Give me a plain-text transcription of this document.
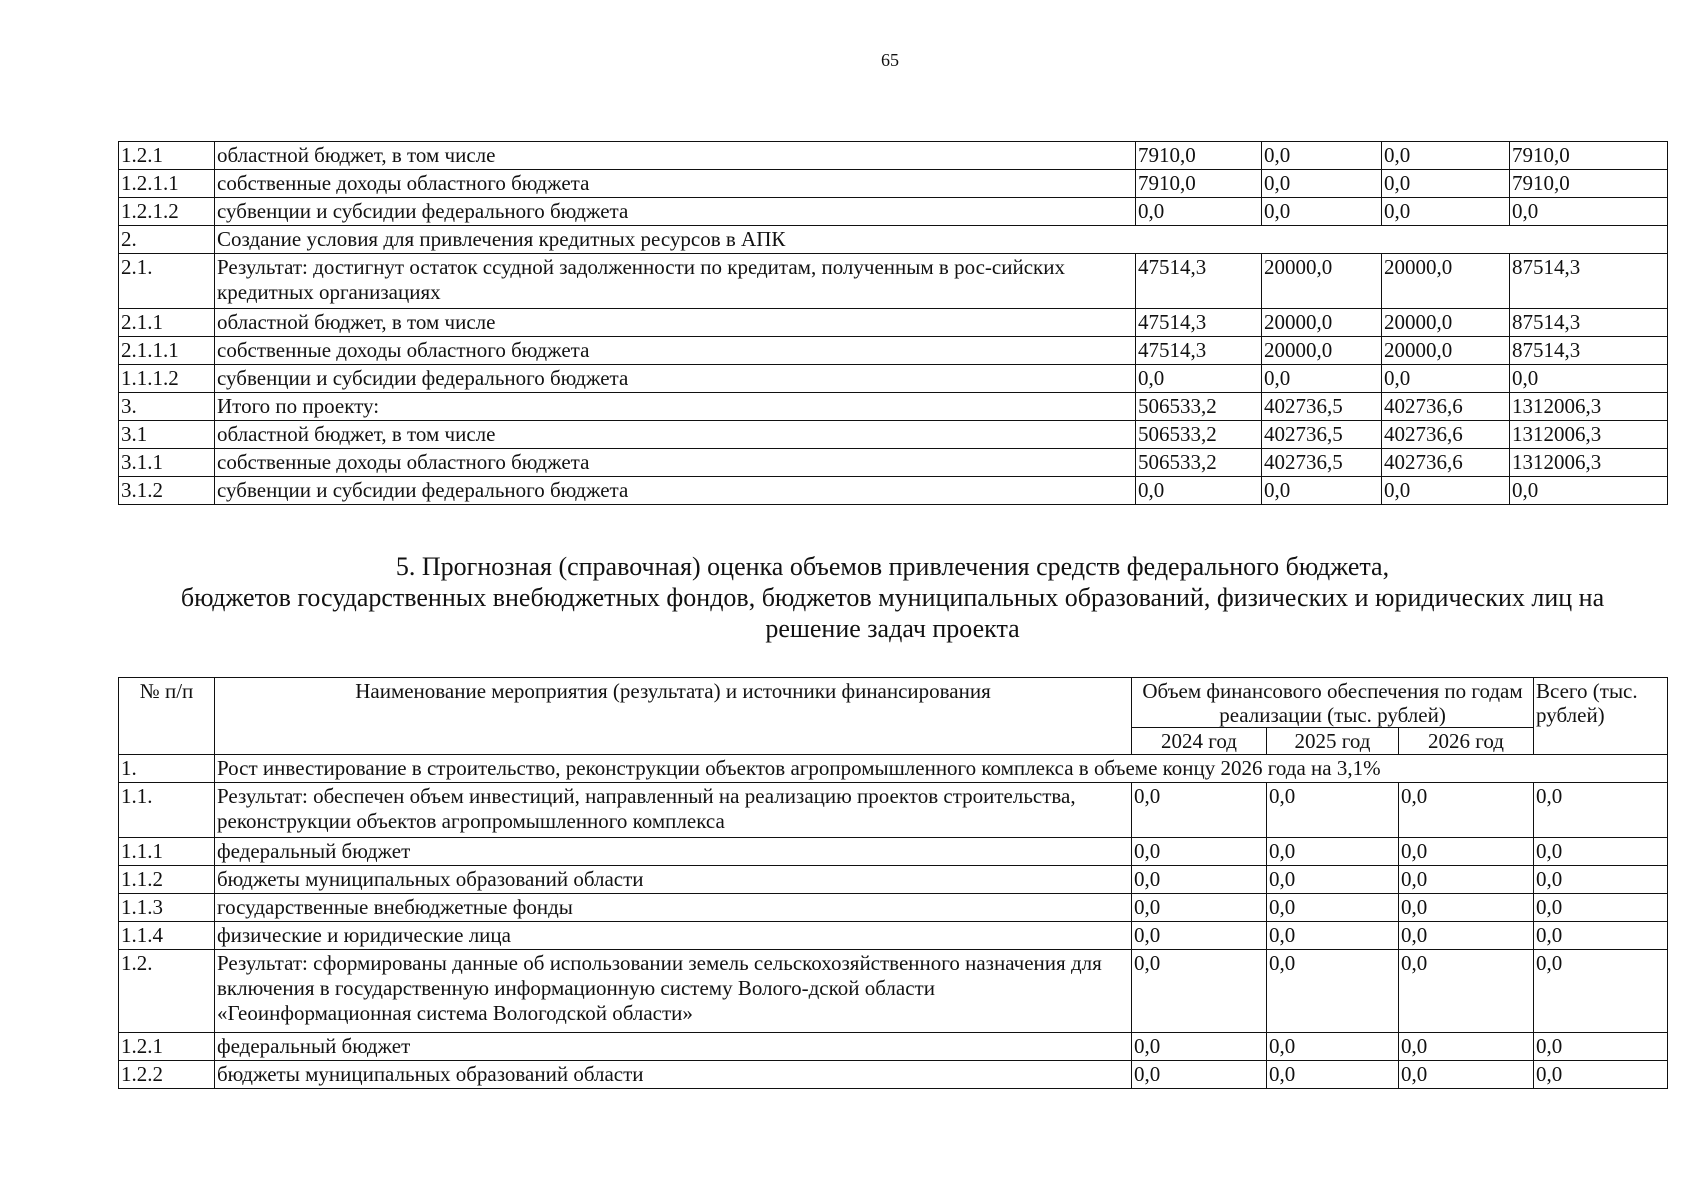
65
1.2.1	областной бюджет, в том числе	7910,0	0,0	0,0	7910,0
1.2.1.1	собственные доходы областного бюджета	7910,0	0,0	0,0	7910,0
1.2.1.2	субвенции и субсидии федерального бюджета	0,0	0,0	0,0	0,0
2.	Создание условия для привлечения кредитных ресурсов в АПК				
2.1.	Результат: достигнут остаток ссудной задолженности по кредитам, полученным в рос-сийских кредитных организациях	47514,3	20000,0	20000,0	87514,3
2.1.1	областной бюджет, в том числе	47514,3	20000,0	20000,0	87514,3
2.1.1.1	собственные доходы областного бюджета	47514,3	20000,0	20000,0	87514,3
1.1.1.2	субвенции и субсидии федерального бюджета	0,0	0,0	0,0	0,0
3.	Итого по проекту:	506533,2	402736,5	402736,6	1312006,3
3.1	областной бюджет, в том числе	506533,2	402736,5	402736,6	1312006,3
3.1.1	собственные доходы областного бюджета	506533,2	402736,5	402736,6	1312006,3
3.1.2	субвенции и субсидии федерального бюджета	0,0	0,0	0,0	0,0
5. Прогнозная (справочная) оценка объемов привлечения средств федерального бюджета,
бюджетов государственных внебюджетных фондов, бюджетов муниципальных образований, физических и юридических лиц на
решение задач проекта
№ п/п	Наименование мероприятия (результата) и источники финансирования	Объем финансового обеспечения по годам реализации (тыс. рублей)			Всего (тыс. рублей)
		2024 год	2025 год	2026 год	
1.	Рост инвестирование в строительство, реконструкции объектов агропромышленного комплекса в объеме концу 2026 года на 3,1%				
1.1.	Результат: обеспечен объем инвестиций, направленный на реализацию проектов строительства, реконструкции объектов агропромышленного комплекса	0,0	0,0	0,0	0,0
1.1.1	федеральный бюджет	0,0	0,0	0,0	0,0
1.1.2	бюджеты муниципальных образований области	0,0	0,0	0,0	0,0
1.1.3	государственные внебюджетные фонды	0,0	0,0	0,0	0,0
1.1.4	физические и юридические лица	0,0	0,0	0,0	0,0
1.2.	Результат: сформированы данные об использовании земель сельскохозяйственного назначения для включения в государственную информационную систему Волого-дской области «Геоинформационная система Вологодской области»	0,0	0,0	0,0	0,0
1.2.1	федеральный бюджет	0,0	0,0	0,0	0,0
1.2.2	бюджеты муниципальных образований области	0,0	0,0	0,0	0,0
